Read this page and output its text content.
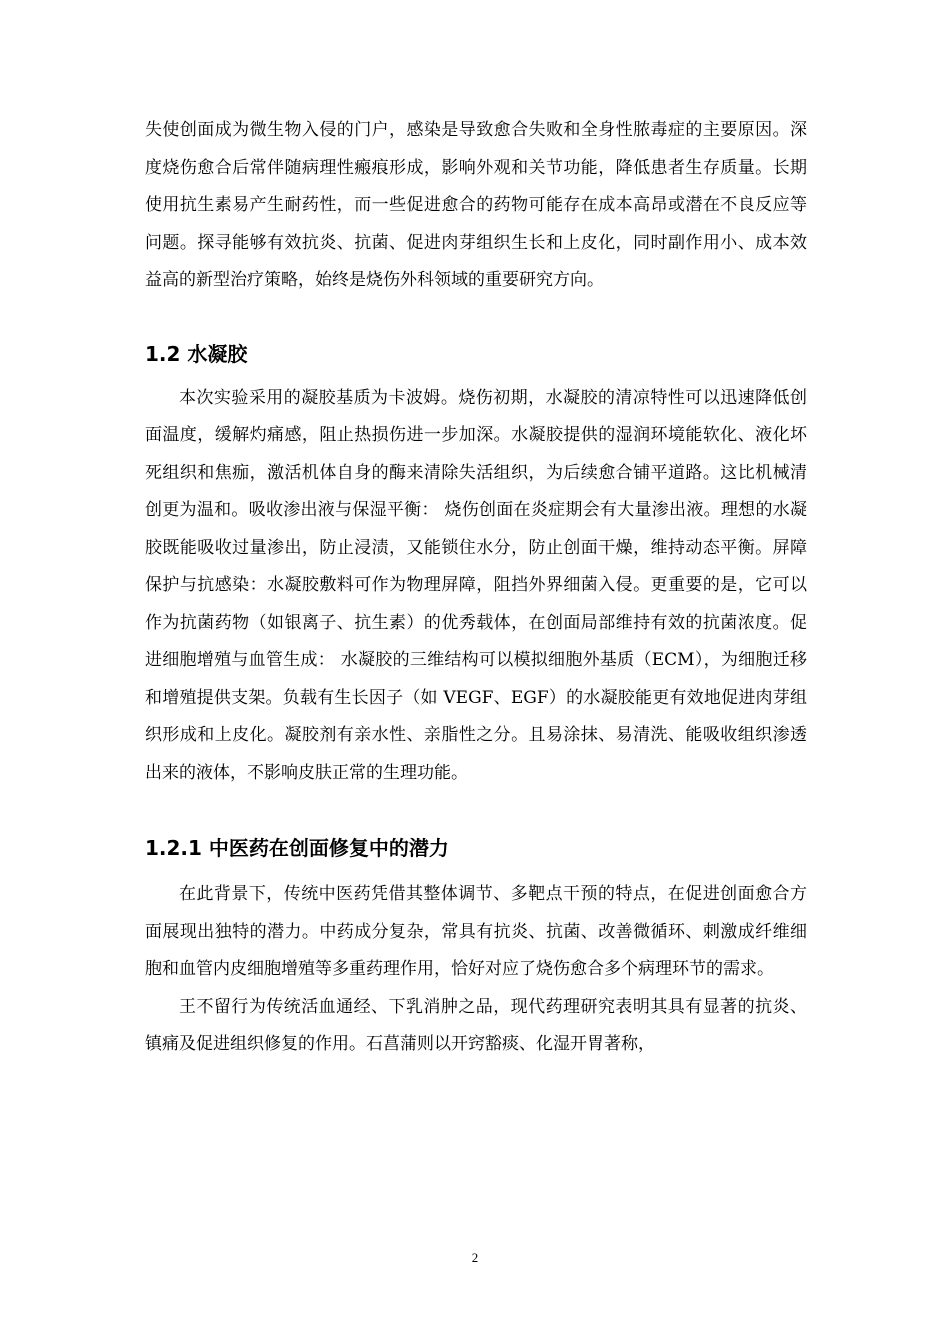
失使创面成为微生物入侵的门户，感染是导致愈合失败和全身性脓毒症的主要原因。深度烧伤愈合后常伴随病理性瘢痕形成，影响外观和关节功能，降低患者生存质量。长期使用抗生素易产生耐药性，而一些促进愈合的药物可能存在成本高昂或潜在不良反应等问题。探寻能够有效抗炎、抗菌、促进肉芽组织生长和上皮化，同时副作用小、成本效益高的新型治疗策略，始终是烧伤外科领域的重要研究方向。

1.2 水凝胶

本次实验采用的凝胶基质为卡波姆。烧伤初期，水凝胶的清凉特性可以迅速降低创面温度，缓解灼痛感，阻止热损伤进一步加深。水凝胶提供的湿润环境能软化、液化坏死组织和焦痂，激活机体自身的酶来清除失活组织，为后续愈合铺平道路。这比机械清创更为温和。吸收渗出液与保湿平衡： 烧伤创面在炎症期会有大量渗出液。理想的水凝胶既能吸收过量渗出，防止浸渍，又能锁住水分，防止创面干燥，维持动态平衡。屏障保护与抗感染：水凝胶敷料可作为物理屏障，阻挡外界细菌入侵。更重要的是，它可以作为抗菌药物（如银离子、抗生素）的优秀载体，在创面局部维持有效的抗菌浓度。促进细胞增殖与血管生成： 水凝胶的三维结构可以模拟细胞外基质（ECM），为细胞迁移和增殖提供支架。负载有生长因子（如 VEGF、EGF）的水凝胶能更有效地促进肉芽组织形成和上皮化。凝胶剂有亲水性、亲脂性之分。且易涂抹、易清洗、能吸收组织渗透出来的液体，不影响皮肤正常的生理功能。

1.2.1 中医药在创面修复中的潜力

在此背景下，传统中医药凭借其整体调节、多靶点干预的特点，在促进创面愈合方面展现出独特的潜力。中药成分复杂，常具有抗炎、抗菌、改善微循环、刺激成纤维细胞和血管内皮细胞增殖等多重药理作用，恰好对应了烧伤愈合多个病理环节的需求。

王不留行为传统活血通经、下乳消肿之品，现代药理研究表明其具有显著的抗炎、镇痛及促进组织修复的作用。石菖蒲则以开窍豁痰、化湿开胃著称，

2
